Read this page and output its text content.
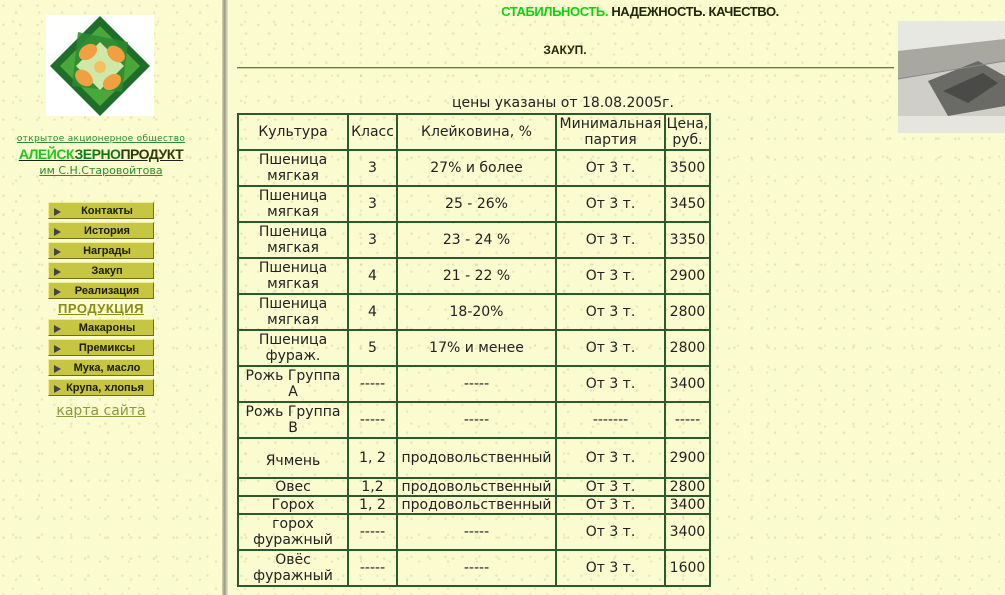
открытое акционерное общество
АЛЕЙСКЗЕРНОПРОДУКТ
им С.Н.Старовойтова
Контакты
История
Награды
Закуп
Реализация
ПРОДУКЦИЯ
Макароны
Премиксы
Мука, масло
Крупа, хлопья
карта сайта
СТАБИЛЬНОСТЬ. НАДЕЖНОСТЬ. КАЧЕСТВО.
ЗАКУП.
цены указаны от 18.08.2005г.
Культура	Класс	Клейковина, %	Минимальная партия	Цена, руб.
Пшеница мягкая	3	27% и более	От 3 т.	3500
Пшеница мягкая	3	25 - 26%	От 3 т.	3450
Пшеница мягкая	3	23 - 24 %	От 3 т.	3350
Пшеница мягкая	4	21 - 22 %	От 3 т.	2900
Пшеница мягкая	4	18-20%	От 3 т.	2800
Пшеница фураж.	5	17% и менее	От 3 т.	2800
Рожь Группа А	-----	-----	От 3 т.	3400
Рожь Группа В	-----	-----	-------	-----
Ячмень	1, 2	продовольственный	От 3 т.	2900
Овес	1,2	продовольственный	От 3 т.	2800
Горох	1, 2	продовольственный	От 3 т.	3400
горох фуражный	-----	-----	От 3 т.	3400
Овёс фуражный	-----	-----	От 3 т.	1600
